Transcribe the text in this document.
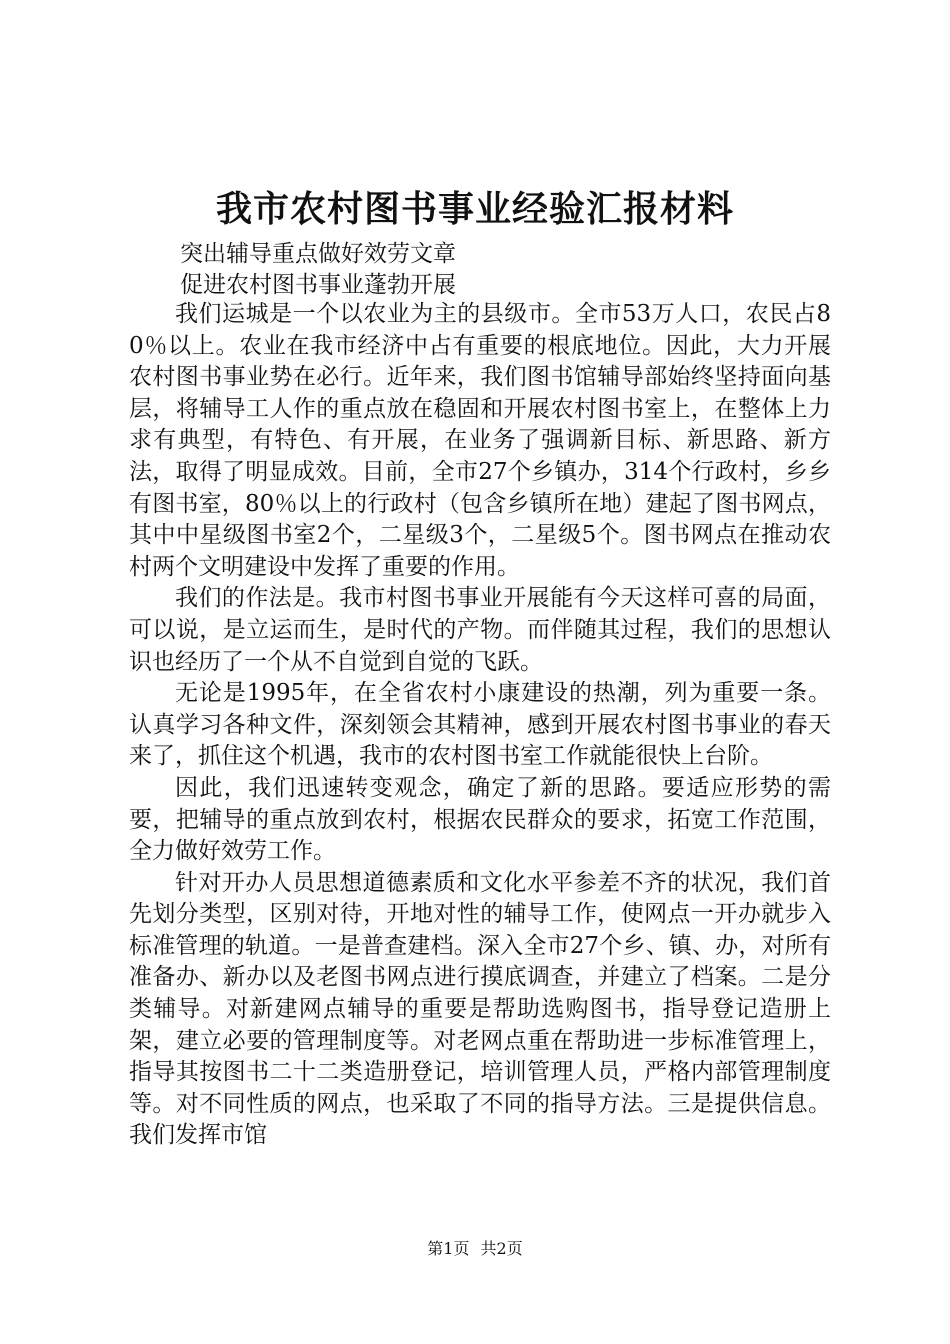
我市农村图书事业经验汇报材料

突出辅导重点做好效劳文章

促进农村图书事业蓬勃开展

我们运城是一个以农业为主的县级市。全市53万人口，农民占80％以上。农业在我市经济中占有重要的根底地位。因此，大力开展农村图书事业势在必行。近年来，我们图书馆辅导部始终坚持面向基层，将辅导工人作的重点放在稳固和开展农村图书室上，在整体上力求有典型，有特色、有开展，在业务了强调新目标、新思路、新方法，取得了明显成效。目前，全市27个乡镇办，314个行政村，乡乡有图书室，80％以上的行政村（包含乡镇所在地）建起了图书网点，其中中星级图书室2个，二星级3个，二星级5个。图书网点在推动农村两个文明建设中发挥了重要的作用。

我们的作法是。我市村图书事业开展能有今天这样可喜的局面，可以说，是立运而生，是时代的产物。而伴随其过程，我们的思想认识也经历了一个从不自觉到自觉的飞跃。

无论是1995年，在全省农村小康建设的热潮，列为重要一条。认真学习各种文件，深刻领会其精神，感到开展农村图书事业的春天来了，抓住这个机遇，我市的农村图书室工作就能很快上台阶。

因此，我们迅速转变观念，确定了新的思路。要适应形势的需要，把辅导的重点放到农村，根据农民群众的要求，拓宽工作范围，全力做好效劳工作。

针对开办人员思想道德素质和文化水平参差不齐的状况，我们首先划分类型，区别对待，开地对性的辅导工作，使网点一开办就步入标准管理的轨道。一是普查建档。深入全市27个乡、镇、办，对所有准备办、新办以及老图书网点进行摸底调查，并建立了档案。二是分类辅导。对新建网点辅导的重要是帮助选购图书，指导登记造册上架，建立必要的管理制度等。对老网点重在帮助进一步标准管理上，指导其按图书二十二类造册登记，培训管理人员，严格内部管理制度等。对不同性质的网点，也采取了不同的指导方法。三是提供信息。我们发挥市馆

第1页 共2页
